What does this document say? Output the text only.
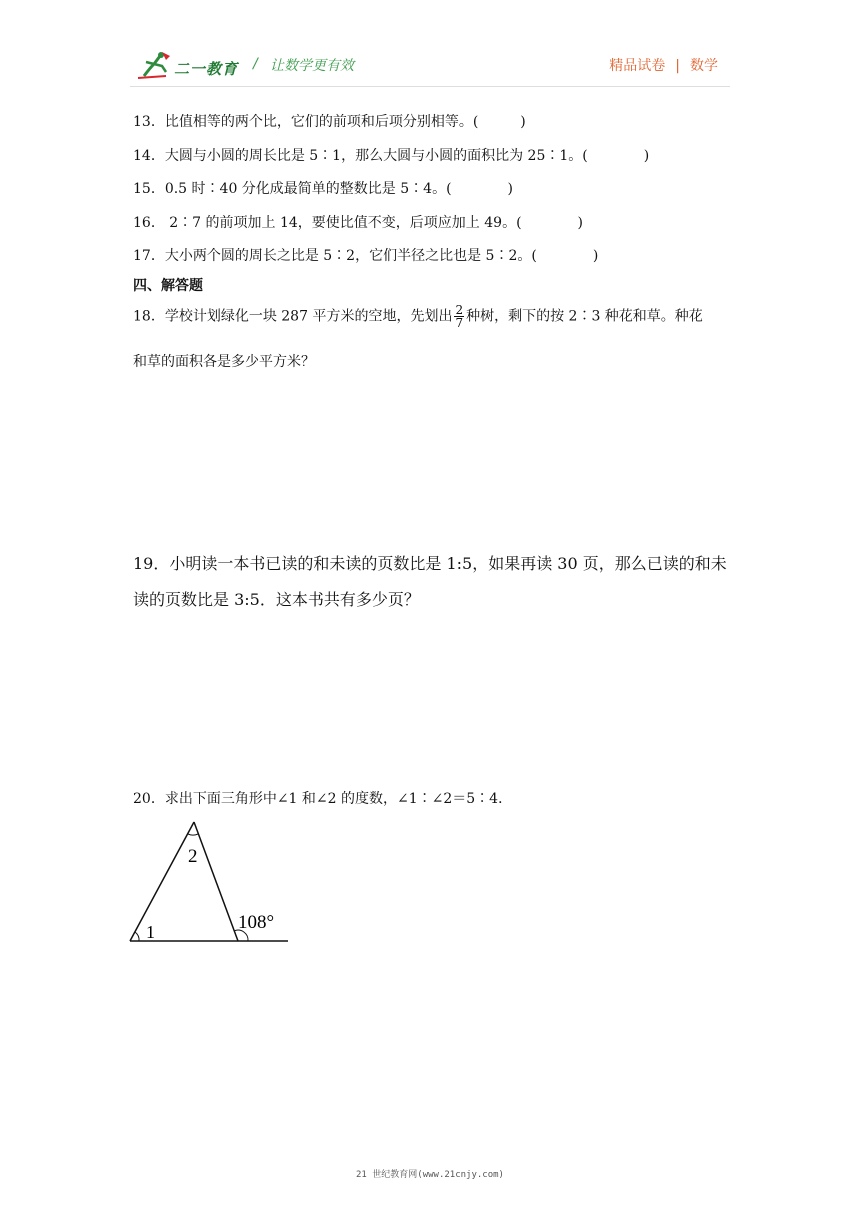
二一教育 / 让数学更有效	精品试卷 | 数学
13．比值相等的两个比，它们的前项和后项分别相等。(	)
14．大圆与小圆的周长比是 5∶1，那么大圆与小圆的面积比为 25∶1。(	)
15．0.5 时∶40 分化成最简单的整数比是 5∶4。(	)
16． 2∶7 的前项加上 14，要使比值不变，后项应加上 49。(	)
17．大小两个圆的周长之比是 5∶2，它们半径之比也是 5∶2。(	)
四、解答题
18．学校计划绿化一块 287 平方米的空地，先划出 $\frac{2}{7}$ 种树，剩下的按 2∶3 种花和草。种花
和草的面积各是多少平方米？
19．小明读一本书已读的和未读的页数比是 1:5，如果再读 30 页，那么已读的和未读的页数比是 3:5．这本书共有多少页？
20．求出下面三角形中∠1 和∠2 的度数，∠1∶∠2＝5∶4．
1
2
108°
21 世纪教育网(www.21cnjy.com)
